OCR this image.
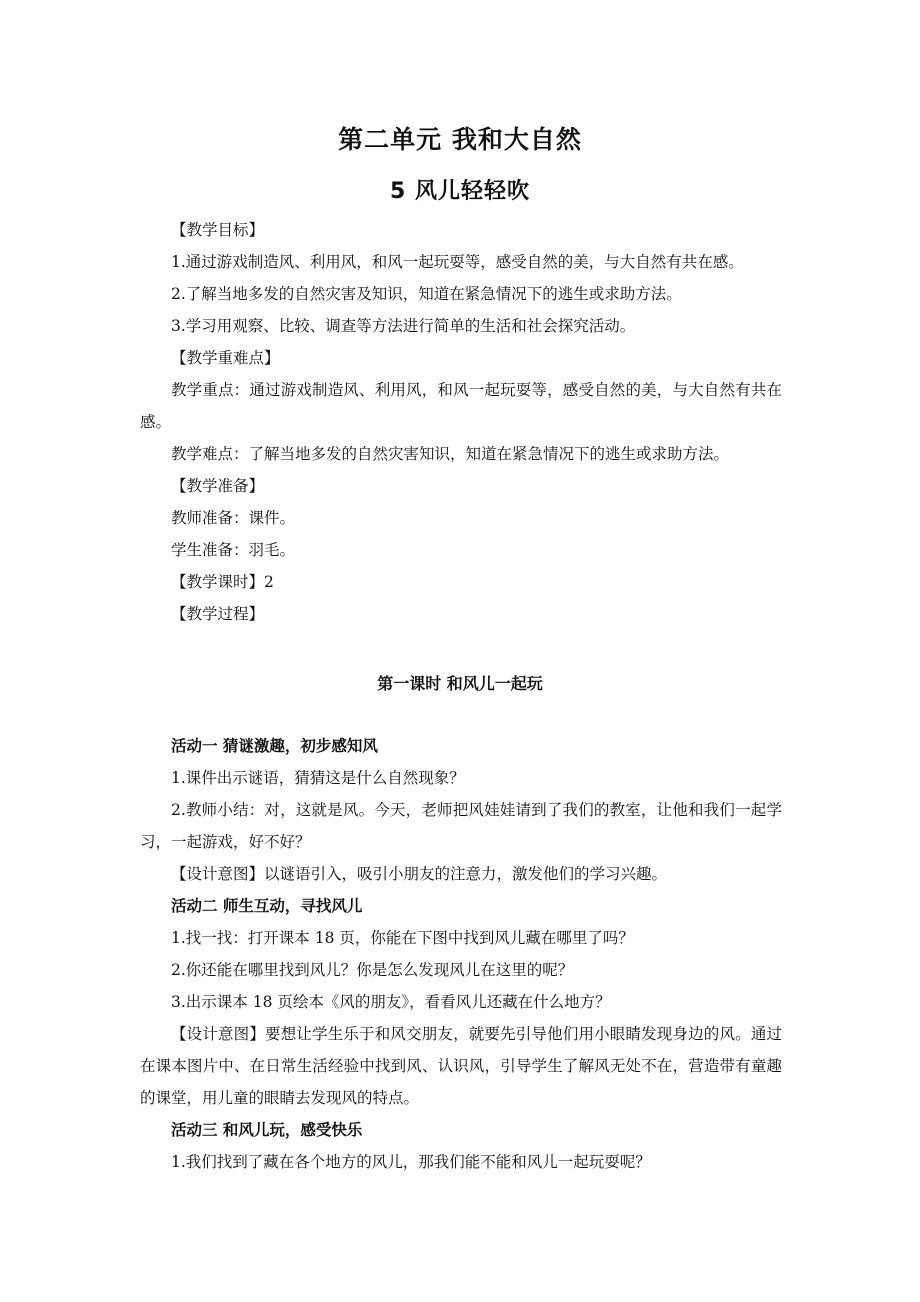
第二单元 我和大自然
5 风儿轻轻吹
【教学目标】
1.通过游戏制造风、利用风，和风一起玩耍等，感受自然的美，与大自然有共在感。
2.了解当地多发的自然灾害及知识，知道在紧急情况下的逃生或求助方法。
3.学习用观察、比较、调查等方法进行简单的生活和社会探究活动。
【教学重难点】
教学重点：通过游戏制造风、利用风，和风一起玩耍等，感受自然的美，与大自然有共在感。
教学难点：了解当地多发的自然灾害知识，知道在紧急情况下的逃生或求助方法。
【教学准备】
教师准备：课件。
学生准备：羽毛。
【教学课时】2
【教学过程】
第一课时 和风儿一起玩
活动一 猜谜激趣，初步感知风
1.课件出示谜语，猜猜这是什么自然现象？
2.教师小结：对，这就是风。今天，老师把风娃娃请到了我们的教室，让他和我们一起学习，一起游戏，好不好？
【设计意图】以谜语引入，吸引小朋友的注意力，激发他们的学习兴趣。
活动二 师生互动，寻找风儿
1.找一找：打开课本 18 页，你能在下图中找到风儿藏在哪里了吗？
2.你还能在哪里找到风儿？你是怎么发现风儿在这里的呢？
3.出示课本 18 页绘本《风的朋友》，看看风儿还藏在什么地方？
【设计意图】要想让学生乐于和风交朋友，就要先引导他们用小眼睛发现身边的风。通过在课本图片中、在日常生活经验中找到风、认识风，引导学生了解风无处不在，营造带有童趣的课堂，用儿童的眼睛去发现风的特点。
活动三 和风儿玩，感受快乐
1.我们找到了藏在各个地方的风儿，那我们能不能和风儿一起玩耍呢？
